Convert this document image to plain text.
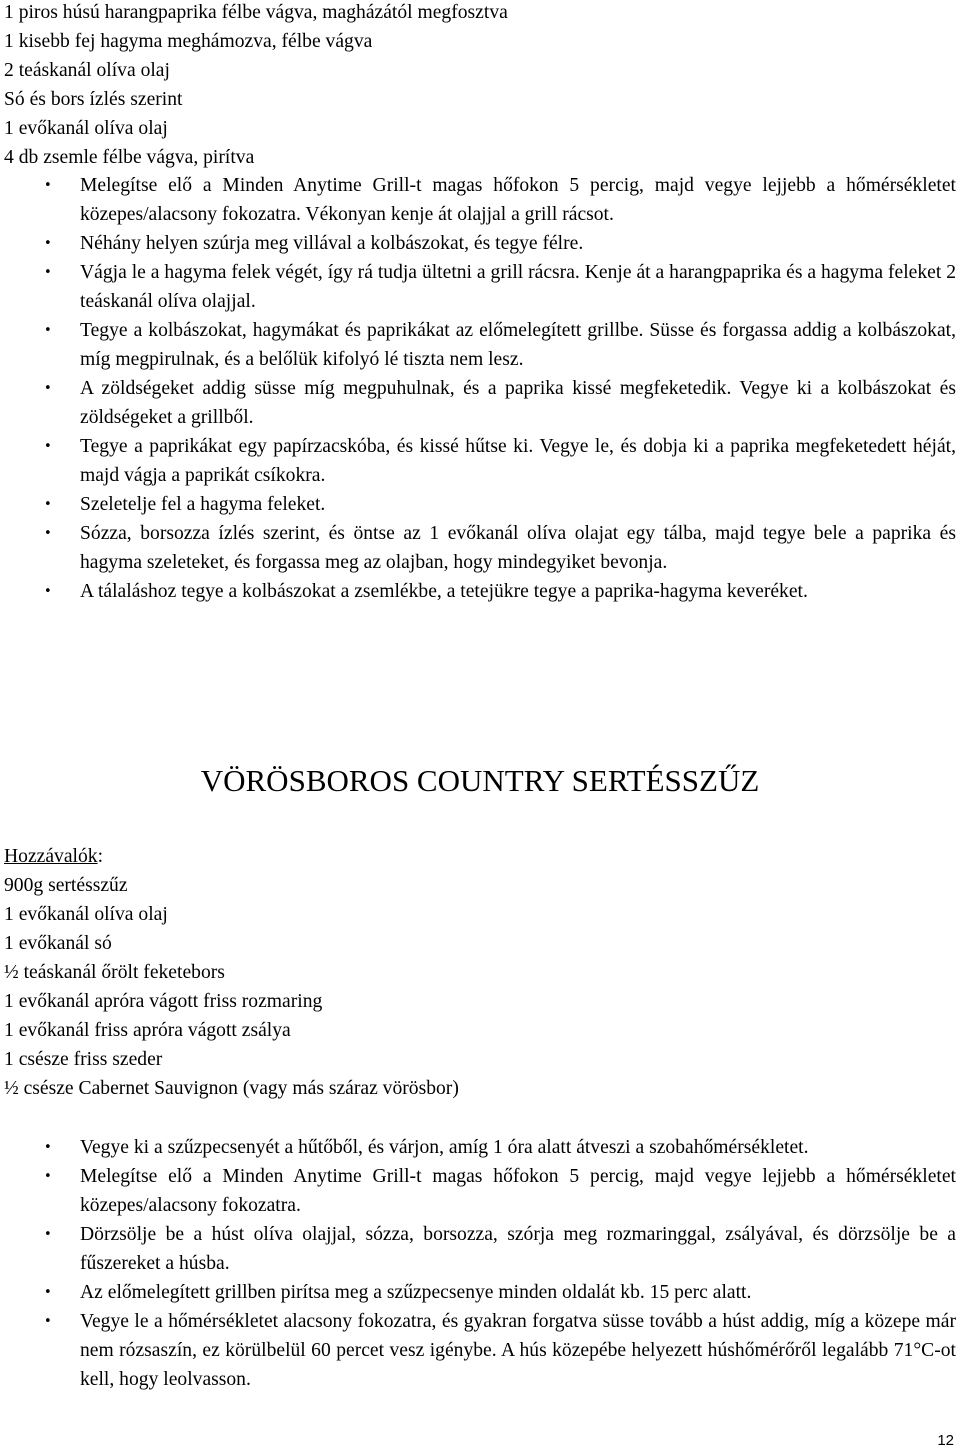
1 piros húsú harangpaprika félbe vágva, magházától megfosztva
1 kisebb fej hagyma meghámozva, félbe vágva
2 teáskanál olíva olaj
Só és bors ízlés szerint
1 evőkanál olíva olaj
4 db zsemle félbe vágva, pirítva
• Melegítse elő a Minden Anytime Grill-t magas hőfokon 5 percig, majd vegye lejjebb a hőmérsékletet közepes/alacsony fokozatra. Vékonyan kenje át olajjal a grill rácsot.
• Néhány helyen szúrja meg villával a kolbászokat, és tegye félre.
• Vágja le a hagyma felek végét, így rá tudja ültetni a grill rácsra. Kenje át a harangpaprika és a hagyma feleket 2 teáskanál olíva olajjal.
• Tegye a kolbászokat, hagymákat és paprikákat az előmelegített grillbe. Süsse és forgassa addig a kolbászokat, míg megpirulnak, és a belőlük kifolyó lé tiszta nem lesz.
• A zöldségeket addig süsse míg megpuhulnak, és a paprika kissé megfeketedik. Vegye ki a kolbászokat és zöldségeket a grillből.
• Tegye a paprikákat egy papírzacskóba, és kissé hűtse ki. Vegye le, és dobja ki a paprika megfeketedett héját, majd vágja a paprikát csíkokra.
• Szeletelje fel a hagyma feleket.
• Sózza, borsozza ízlés szerint, és öntse az 1 evőkanál olíva olajat egy tálba, majd tegye bele a paprika és hagyma szeleteket, és forgassa meg az olajban, hogy mindegyiket bevonja.
• A tálaláshoz tegye a kolbászokat a zsemlékbe, a tetejükre tegye a paprika-hagyma keveréket.
VÖRÖSBOROS COUNTRY SERTÉSSZŰZ
Hozzávalók:
900g sertésszűz
1 evőkanál olíva olaj
1 evőkanál só
½ teáskanál őrölt feketebors
1 evőkanál apróra vágott friss rozmaring
1 evőkanál friss apróra vágott zsálya
1 csésze friss szeder
½ csésze Cabernet Sauvignon (vagy más száraz vörösbor)
• Vegye ki a szűzpecsenyét a hűtőből, és várjon, amíg 1 óra alatt átveszi a szobahőmérsékletet.
• Melegítse elő a Minden Anytime Grill-t magas hőfokon 5 percig, majd vegye lejjebb a hőmérsékletet közepes/alacsony fokozatra.
• Dörzsölje be a húst olíva olajjal, sózza, borsozza, szórja meg rozmaringgal, zsályával, és dörzsölje be a fűszereket a húsba.
• Az előmelegített grillben pirítsa meg a szűzpecsenye minden oldalát kb. 15 perc alatt.
• Vegye le a hőmérsékletet alacsony fokozatra, és gyakran forgatva süsse tovább a húst addig, míg a közepe már nem rózsaszín, ez körülbelül 60 percet vesz igénybe. A hús közepébe helyezett húshőmérőről legalább 71°C-ot kell, hogy leolvasson.
12
